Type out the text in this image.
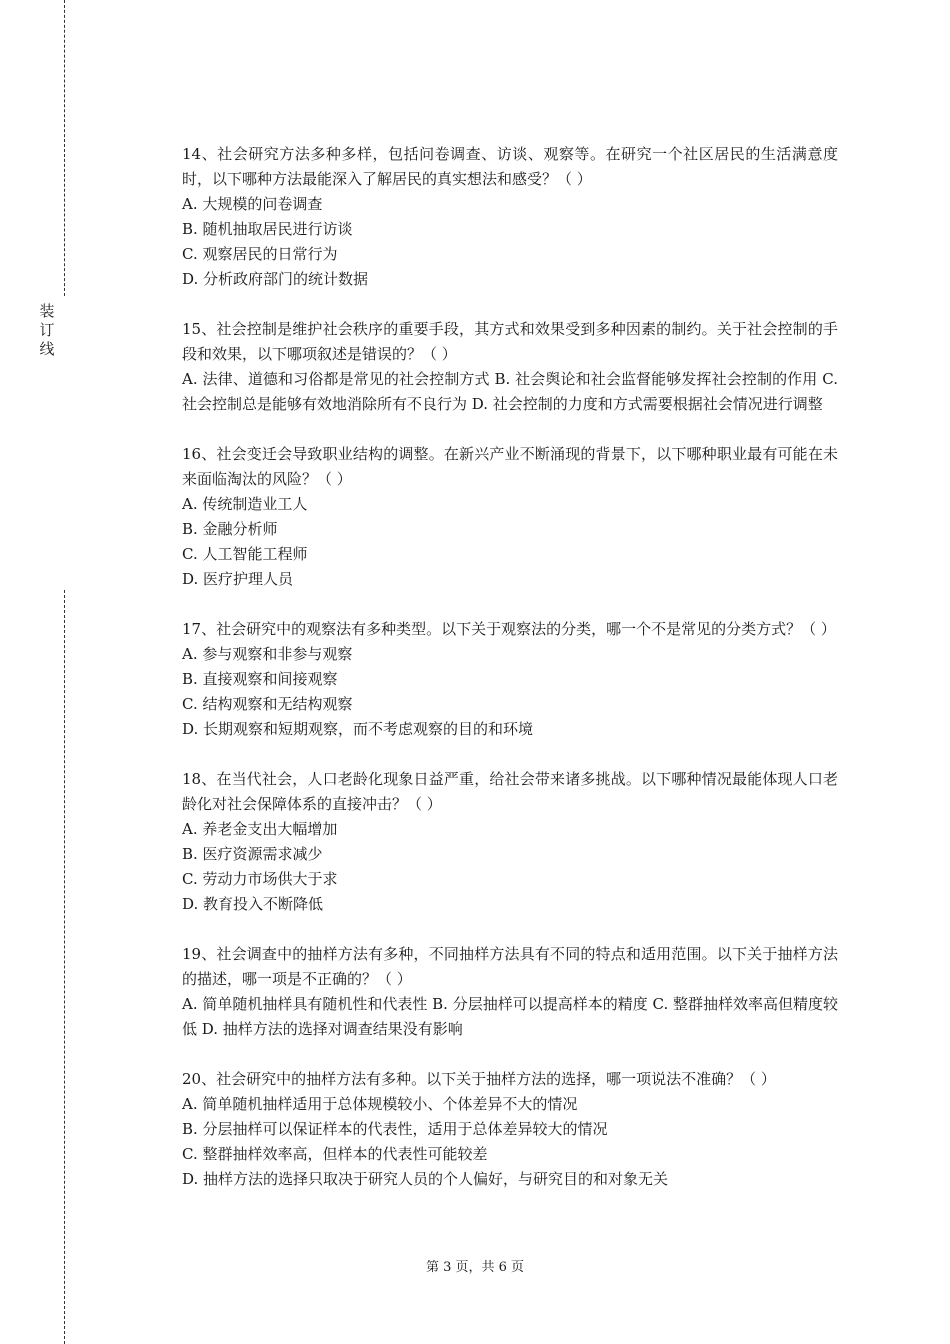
装
订
线

14、社会研究方法多种多样，包括问卷调查、访谈、观察等。在研究一个社区居民的生活满意度时，以下哪种方法最能深入了解居民的真实想法和感受？（ ）

A. 大规模的问卷调查

B. 随机抽取居民进行访谈

C. 观察居民的日常行为

D. 分析政府部门的统计数据

15、社会控制是维护社会秩序的重要手段，其方式和效果受到多种因素的制约。关于社会控制的手段和效果，以下哪项叙述是错误的？（ ）

A. 法律、道德和习俗都是常见的社会控制方式 B. 社会舆论和社会监督能够发挥社会控制的作用 C. 社会控制总是能够有效地消除所有不良行为 D. 社会控制的力度和方式需要根据社会情况进行调整

16、社会变迁会导致职业结构的调整。在新兴产业不断涌现的背景下，以下哪种职业最有可能在未来面临淘汰的风险？（ ）

A. 传统制造业工人

B. 金融分析师

C. 人工智能工程师

D. 医疗护理人员

17、社会研究中的观察法有多种类型。以下关于观察法的分类，哪一个不是常见的分类方式？（ ）

A. 参与观察和非参与观察

B. 直接观察和间接观察

C. 结构观察和无结构观察

D. 长期观察和短期观察，而不考虑观察的目的和环境

18、在当代社会，人口老龄化现象日益严重，给社会带来诸多挑战。以下哪种情况最能体现人口老龄化对社会保障体系的直接冲击？（ ）

A. 养老金支出大幅增加

B. 医疗资源需求减少

C. 劳动力市场供大于求

D. 教育投入不断降低

19、社会调查中的抽样方法有多种，不同抽样方法具有不同的特点和适用范围。以下关于抽样方法的描述，哪一项是不正确的？（ ）

A. 简单随机抽样具有随机性和代表性 B. 分层抽样可以提高样本的精度 C. 整群抽样效率高但精度较低 D. 抽样方法的选择对调查结果没有影响

20、社会研究中的抽样方法有多种。以下关于抽样方法的选择，哪一项说法不准确？（ ）

A. 简单随机抽样适用于总体规模较小、个体差异不大的情况

B. 分层抽样可以保证样本的代表性，适用于总体差异较大的情况

C. 整群抽样效率高，但样本的代表性可能较差

D. 抽样方法的选择只取决于研究人员的个人偏好，与研究目的和对象无关

第 3 页，共 6 页
